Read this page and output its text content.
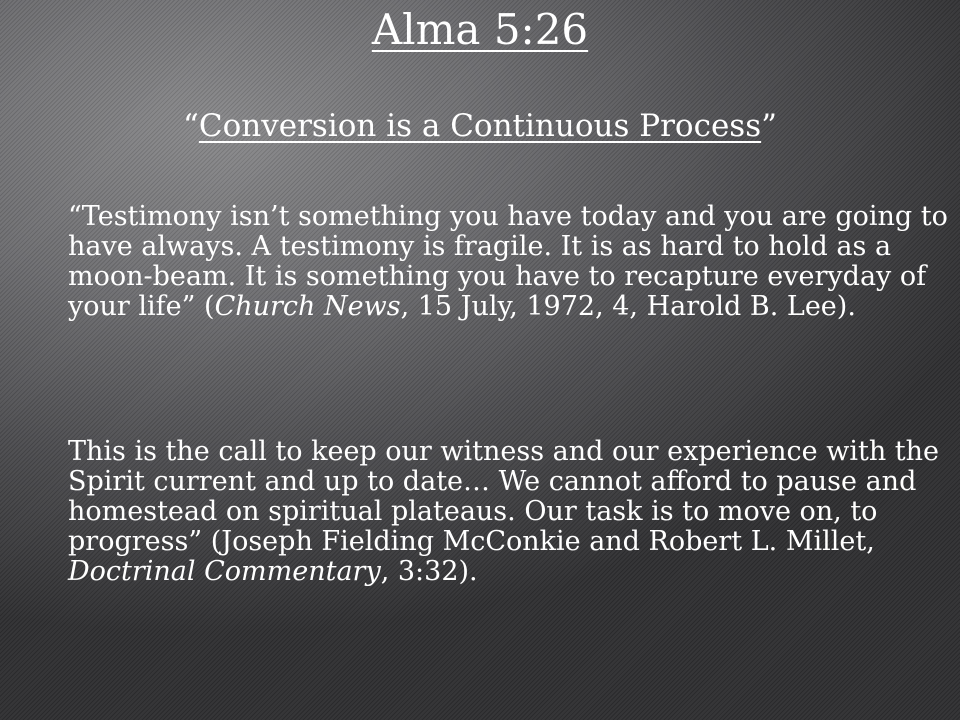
Alma 5:26

“Conversion is a Continuous Process”

“Testimony isn’t something you have today and you are going to have always. A testimony is fragile. It is as hard to hold as a moon-beam. It is something you have to recapture everyday of your life” (Church News, 15 July, 1972, 4, Harold B. Lee).

This is the call to keep our witness and our experience with the Spirit current and up to date… We cannot afford to pause and homestead on spiritual plateaus. Our task is to move on, to progress” (Joseph Fielding McConkie and Robert L. Millet, Doctrinal Commentary, 3:32).
